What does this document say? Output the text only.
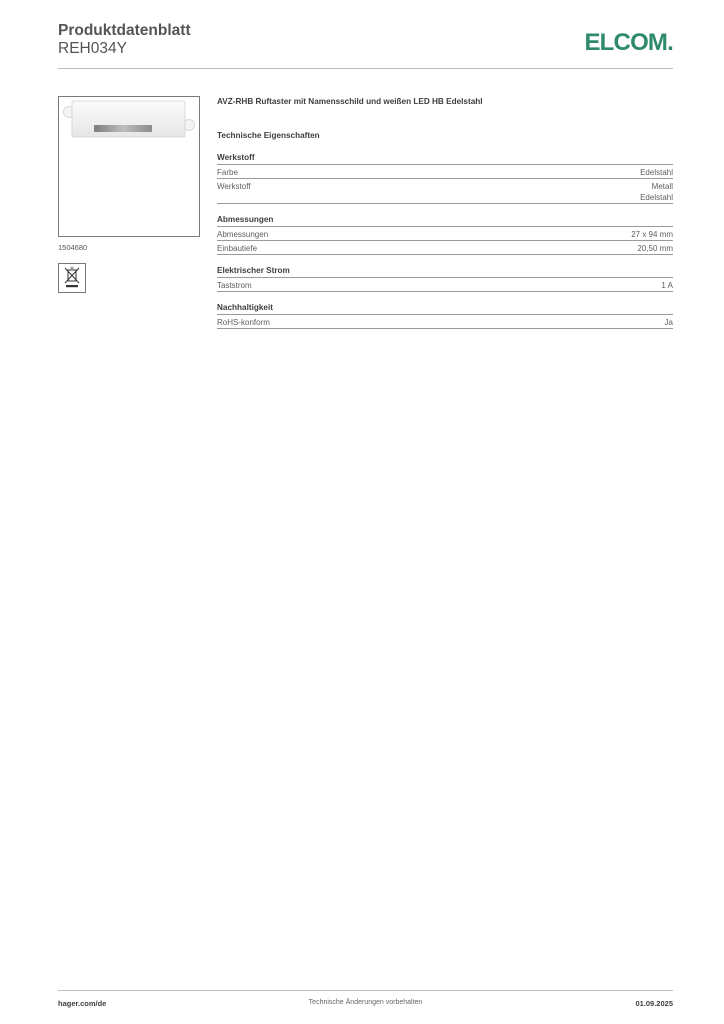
Produktdatenblatt
REH034Y	ELCOM.
1504680
AVZ-RHB Ruftaster mit Namensschild und weißen LED HB Edelstahl
Technische Eigenschaften
Werkstoff
Farbe	Edelstahl
Werkstoff	Metall
Edelstahl
Abmessungen
Abmessungen	27 x 94 mm
Einbautiefe	20,50 mm
Elektrischer Strom
Taststrom	1 A
Nachhaltigkeit
RoHS-konform	Ja
hager.com/de	Technische Änderungen vorbehalten	01.09.2025
